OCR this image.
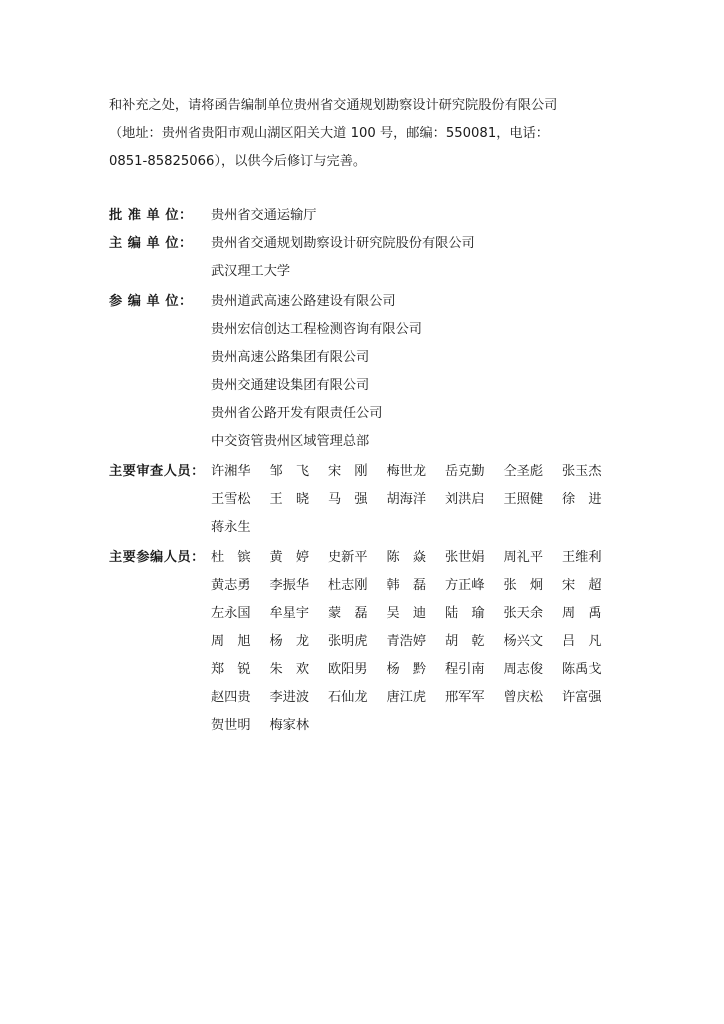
和补充之处，请将函告编制单位贵州省交通规划勘察设计研究院股份有限公司

（地址：贵州省贵阳市观山湖区阳关大道 100 号，邮编：550081，电话：

0851-85825066），以供今后修订与完善。

批 准 单 位：	贵州省交通运输厅
主 编 单 位：	贵州省交通规划勘察设计研究院股份有限公司
武汉理工大学
参 编 单 位：	贵州道武高速公路建设有限公司
贵州宏信创达工程检测咨询有限公司
贵州高速公路集团有限公司
贵州交通建设集团有限公司
贵州省公路开发有限责任公司
中交资管贵州区域管理总部
主要审查人员： 许湘华	邹　飞	宋　刚	梅世龙	岳克勤	仝圣彪	张玉杰
王雪松	王　晓	马　强	胡海洋	刘洪启	王照健	徐　进
蒋永生
主要参编人员： 杜　镔	黄　婷	史新平	陈　焱	张世娟	周礼平	王维利
黄志勇	李振华	杜志刚	韩　磊	方正峰	张　炯	宋　超
左永国	牟星宇	蒙　磊	吴　迪	陆　瑜	张天余	周　禹
周　旭	杨　龙	张明虎	青浩婷	胡　乾	杨兴文	吕　凡
郑　锐	朱　欢	欧阳男	杨　黔	程引南	周志俊	陈禹戈
赵四贵	李进波	石仙龙	唐江虎	邢军军	曾庆松	许富强
贺世明	梅家林
